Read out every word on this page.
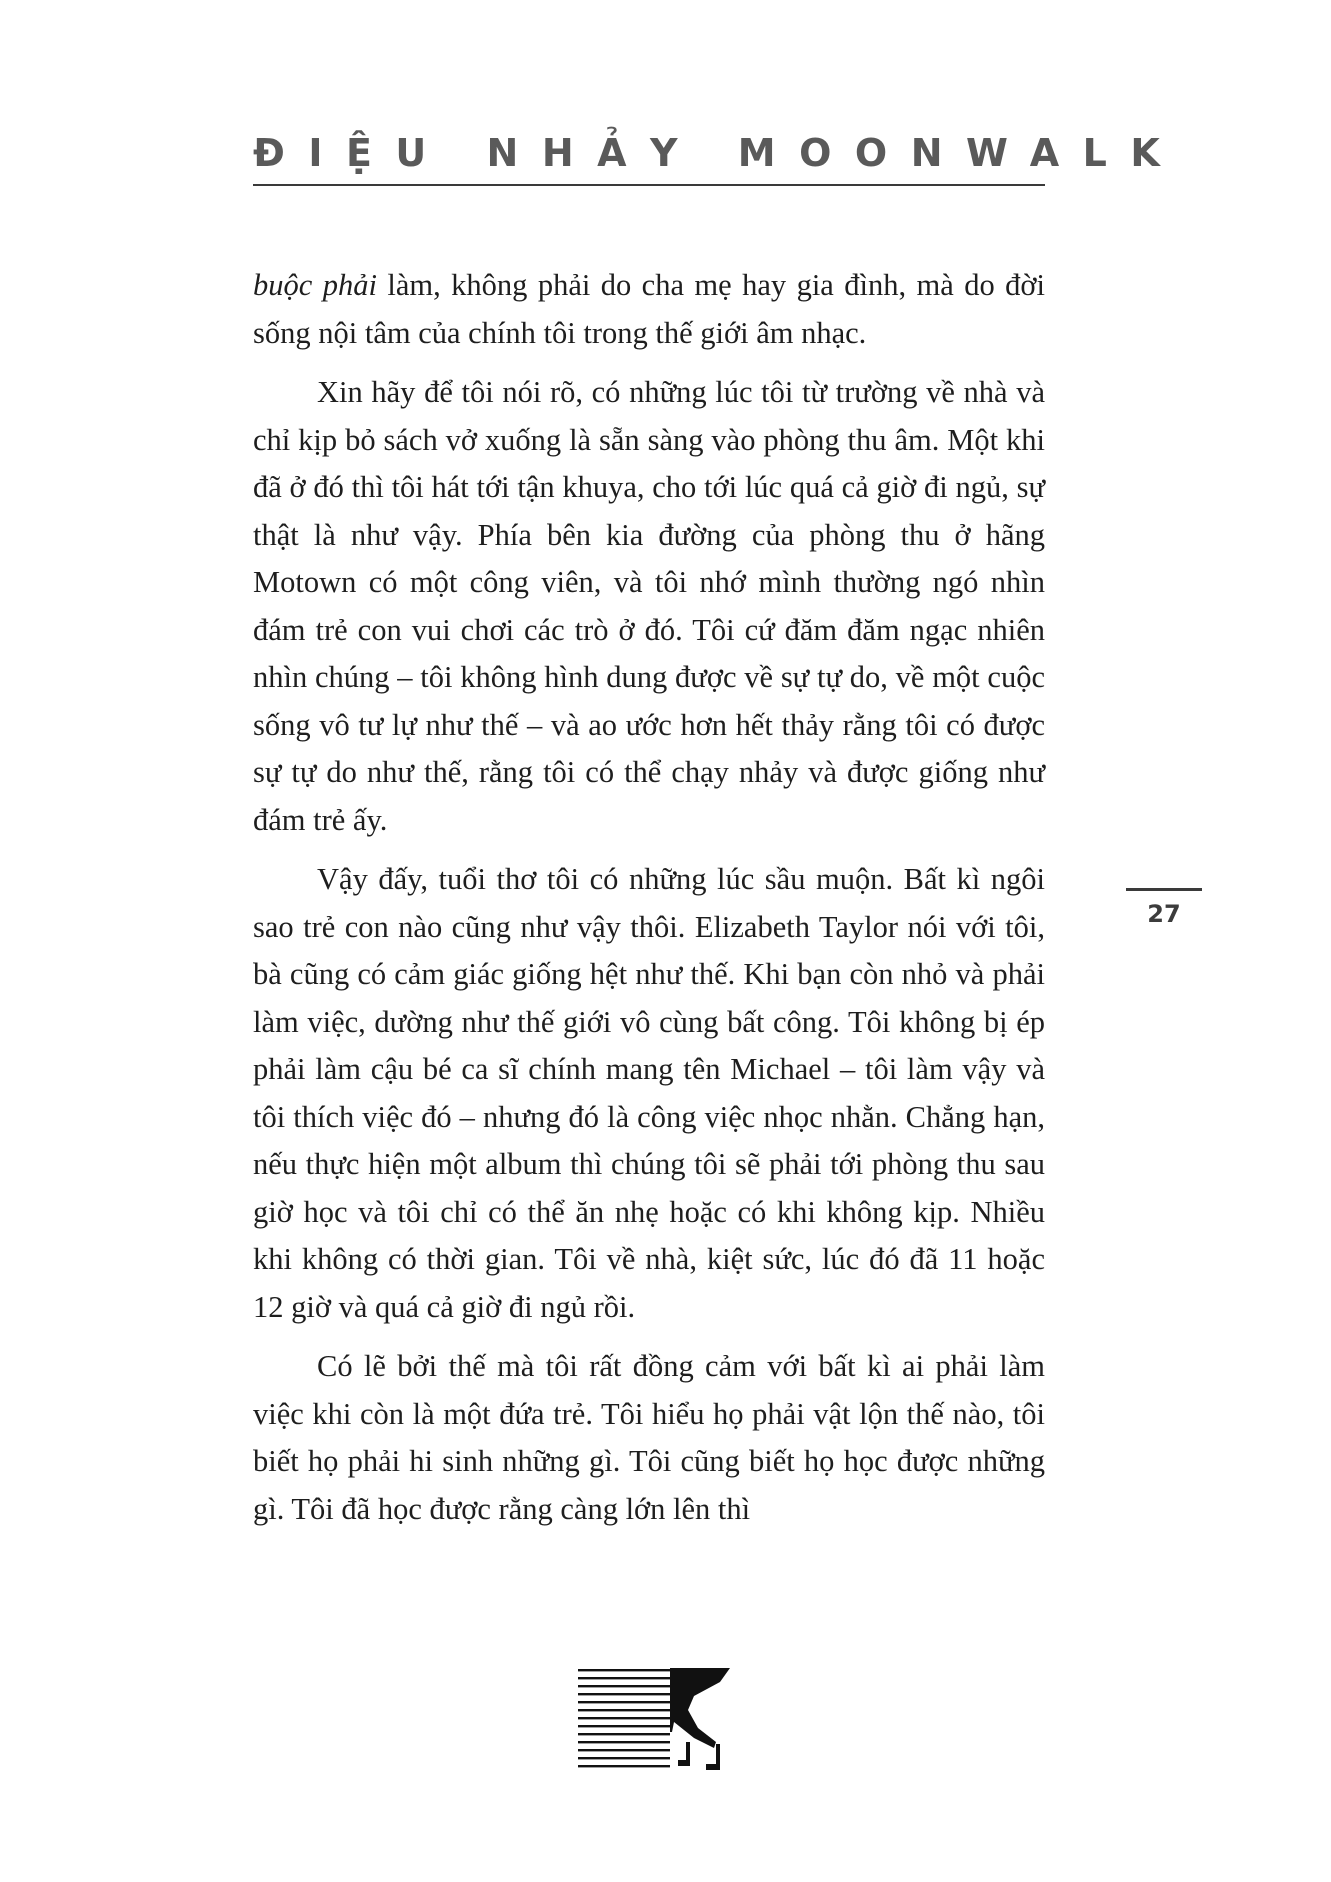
ĐIỆU NHẢY MOONWALK

buộc phải làm, không phải do cha mẹ hay gia đình, mà do đời sống nội tâm của chính tôi trong thế giới âm nhạc.

Xin hãy để tôi nói rõ, có những lúc tôi từ trường về nhà và chỉ kịp bỏ sách vở xuống là sẵn sàng vào phòng thu âm. Một khi đã ở đó thì tôi hát tới tận khuya, cho tới lúc quá cả giờ đi ngủ, sự thật là như vậy. Phía bên kia đường của phòng thu ở hãng Motown có một công viên, và tôi nhớ mình thường ngó nhìn đám trẻ con vui chơi các trò ở đó. Tôi cứ đăm đăm ngạc nhiên nhìn chúng – tôi không hình dung được về sự tự do, về một cuộc sống vô tư lự như thế – và ao ước hơn hết thảy rằng tôi có được sự tự do như thế, rằng tôi có thể chạy nhảy và được giống như đám trẻ ấy.

Vậy đấy, tuổi thơ tôi có những lúc sầu muộn. Bất kì ngôi sao trẻ con nào cũng như vậy thôi. Elizabeth Taylor nói với tôi, bà cũng có cảm giác giống hệt như thế. Khi bạn còn nhỏ và phải làm việc, dường như thế giới vô cùng bất công. Tôi không bị ép phải làm cậu bé ca sĩ chính mang tên Michael – tôi làm vậy và tôi thích việc đó – nhưng đó là công việc nhọc nhằn. Chẳng hạn, nếu thực hiện một album thì chúng tôi sẽ phải tới phòng thu sau giờ học và tôi chỉ có thể ăn nhẹ hoặc có khi không kịp. Nhiều khi không có thời gian. Tôi về nhà, kiệt sức, lúc đó đã 11 hoặc 12 giờ và quá cả giờ đi ngủ rồi.

Có lẽ bởi thế mà tôi rất đồng cảm với bất kì ai phải làm việc khi còn là một đứa trẻ. Tôi hiểu họ phải vật lộn thế nào, tôi biết họ phải hi sinh những gì. Tôi cũng biết họ học được những gì. Tôi đã học được rằng càng lớn lên thì

27
